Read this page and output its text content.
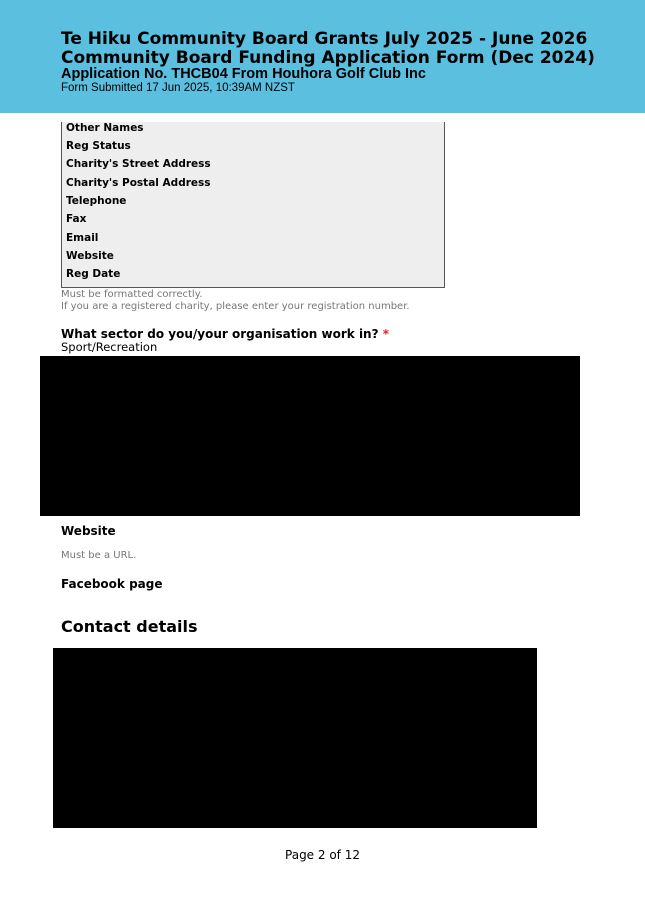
Te Hiku Community Board Grants July 2025 - June 2026
Community Board Funding Application Form (Dec 2024)
Application No. THCB04 From Houhora Golf Club Inc
Form Submitted 17 Jun 2025, 10:39AM NZST
Other Names
Reg Status
Charity's Street Address
Charity's Postal Address
Telephone
Fax
Email
Website
Reg Date
Must be formatted correctly.
If you are a registered charity, please enter your registration number.
What sector do you/your organisation work in? *
Sport/Recreation
Website
Must be a URL.
Facebook page
Contact details
Page 2 of 12
